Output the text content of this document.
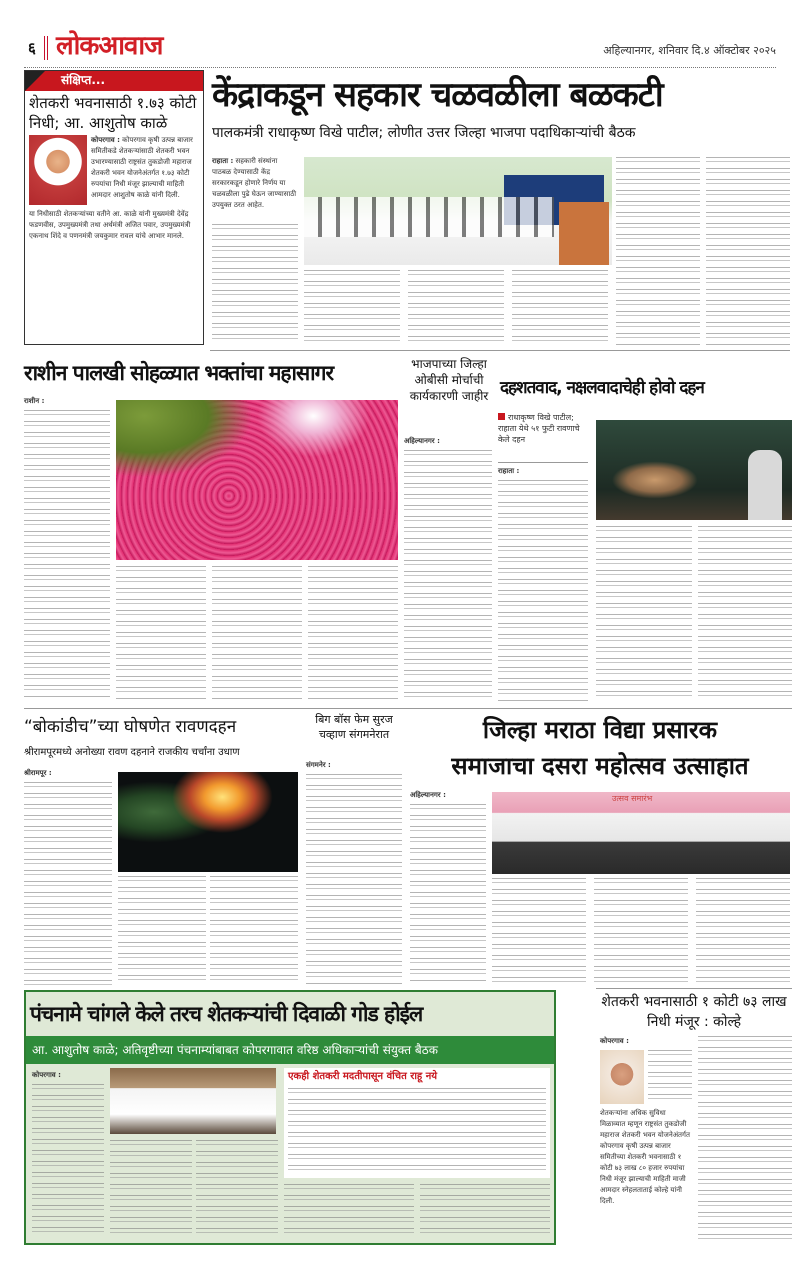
६ लोकआवाज	अहिल्यानगर, शनिवार दि.४ ऑक्टोबर २०२५
संक्षिप्त...
शेतकरी भवनासाठी १.७३ कोटी निधी; आ. आशुतोष काळे
कोपरगाव : कोपरगाव कृषी उत्पन्न बाजार समितीकडे शेतकऱ्यांसाठी शेतकरी भवन उभारण्यासाठी राष्ट्रसंत तुकडोजी महाराज शेतकरी भवन योजनेअंतर्गत १.७३ कोटी रुपयांचा निधी मंजूर झाल्याची माहिती आमदार आशुतोष काळे यांनी दिली.
या निधीसाठी शेतकऱ्यांच्या वतीने आ. काळे यांनी मुख्यमंत्री देवेंद्र फडणवीस, उपमुख्यमंत्री तथा अर्थमंत्री अजित पवार, उपमुख्यमंत्री एकनाथ शिंदे व पणनमंत्री जयकुमार रावल यांचे आभार मानले.
केंद्राकडून सहकार चळवळीला बळकटी
पालकमंत्री राधाकृष्ण विखे पाटील; लोणीत उत्तर जिल्हा भाजपा पदाधिकाऱ्यांची बैठक
राहाता : सहकारी संस्थांना पाठबळ देण्यासाठी केंद्र सरकारकडून होणारे निर्णय या चळवळीला पुढे घेऊन जाण्यासाठी उपयुक्त ठरत आहेत.
राशीन पालखी सोहळ्यात भक्तांचा महासागर
राशीन :
भाजपाच्या जिल्हा ओबीसी मोर्चाची कार्यकारणी जाहीर
अहिल्यानगर :
दहशतवाद, नक्षलवादाचेही होवो दहन
राधाकृष्ण विखे पाटील; राहाता येथे ५१ फुटी रावणाचे केले दहन
राहाता :
“बोकांडीच”च्या घोषणेत रावणदहन
श्रीरामपूरमध्ये अनोख्या रावण दहनाने राजकीय चर्चांना उधाण
श्रीरामपूर :
बिग बॉस फेम सुरज चव्हाण संगमनेरात
संगमनेर :
जिल्हा मराठा विद्या प्रसारक
समाजाचा दसरा महोत्सव उत्साहात
अहिल्यानगर :	उत्सव समारंभ
पंचनामे चांगले केले तरच शेतकऱ्यांची दिवाळी गोड होईल
आ. आशुतोष काळे; अतिवृष्टीच्या पंचनाम्यांबाबत कोपरगावात वरिष्ठ अधिकाऱ्यांची संयुक्त बैठक
कोपरगाव :	एकही शेतकरी मदतीपासून वंचित राहू नये
शेतकरी भवनासाठी १ कोटी ७३ लाख निधी मंजूर : कोल्हे
कोपरगाव :
शेतकऱ्यांना अधिक सुविधा मिळाव्यात म्हणून राष्ट्रसंत तुकडोजी महाराज शेतकरी भवन योजनेअंतर्गत कोपरगाव कृषी उत्पन्न बाजार समितीच्या शेतकरी भवनासाठी १ कोटी ७३ लाख ८० हजार रुपयांचा निधी मंजूर झाल्याची माहिती माजी आमदार स्नेहलताताई कोल्हे यांनी दिली.
